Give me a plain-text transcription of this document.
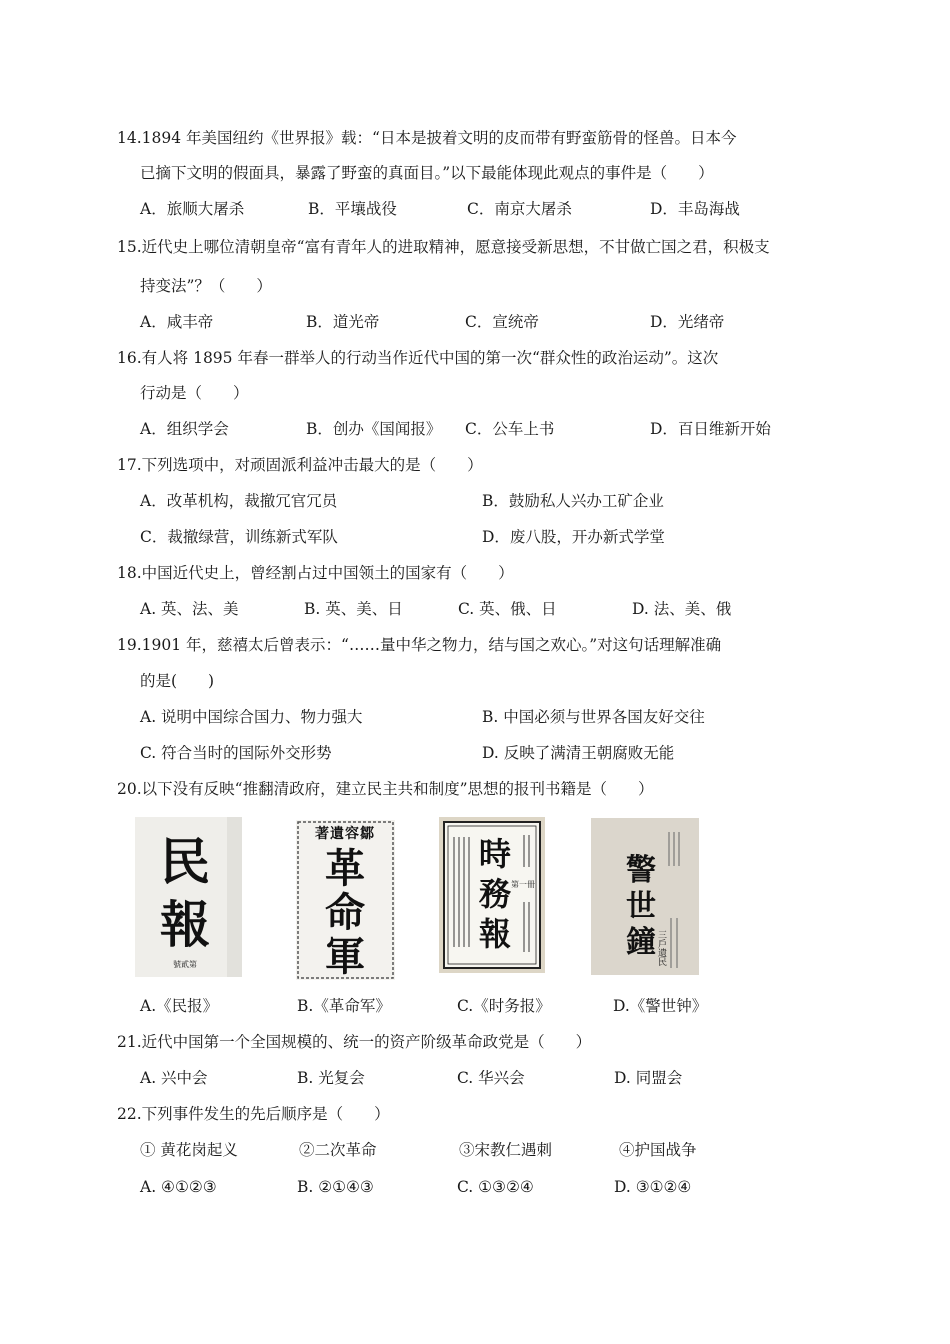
14.1894 年美国纽约《世界报》载：“日本是披着文明的皮而带有野蛮筋骨的怪兽。日本今
已摘下文明的假面具，暴露了野蛮的真面目。”以下最能体现此观点的事件是（　　）
A．旅顺大屠杀	B．平壤战役	C．南京大屠杀	D．丰岛海战
15.近代史上哪位清朝皇帝“富有青年人的进取精神，愿意接受新思想，不甘做亡国之君，积极支
持变法”？（　　）
A．咸丰帝	B．道光帝	C．宣统帝	D．光绪帝
16.有人将 1895 年春一群举人的行动当作近代中国的第一次“群众性的政治运动”。这次
行动是（　　）
A．组织学会	B．创办《国闻报》 C．公车上书	D．百日维新开始
17.下列选项中，对顽固派利益冲击最大的是（　　）
A．改革机构，裁撤冗官冗员	B．鼓励私人兴办工矿企业
C．裁撤绿营，训练新式军队	D．废八股，开办新式学堂
18.中国近代史上，曾经割占过中国领土的国家有（　　）
A. 英、法、美	B. 英、美、日	C. 英、俄、日	D. 法、美、俄
19.1901 年，慈禧太后曾表示：“……量中华之物力，结与国之欢心。”对这句话理解准确
的是(　　)
A. 说明中国综合国力、物力强大	B. 中国必须与世界各国友好交往
C. 符合当时的国际外交形势	D. 反映了满清王朝腐败无能
20.以下没有反映“推翻清政府，建立民主共和制度”思想的报刊书籍是（　　）
民
報
號貳第
著遺容鄒
革
命
軍
時
務
報
第一冊	警
世
鐘 三戶遺民
A.《民报》	B.《革命军》	C.《时务报》	D.《警世钟》
21.近代中国第一个全国规模的、统一的资产阶级革命政党是（　　）
A. 兴中会	B. 光复会	C. 华兴会	D. 同盟会
22.下列事件发生的先后顺序是（　　）
① 黄花岗起义	②二次革命	③宋教仁遇刺	④护国战争
A. ④①②③	B. ②①④③	C. ①③②④	D. ③①②④
